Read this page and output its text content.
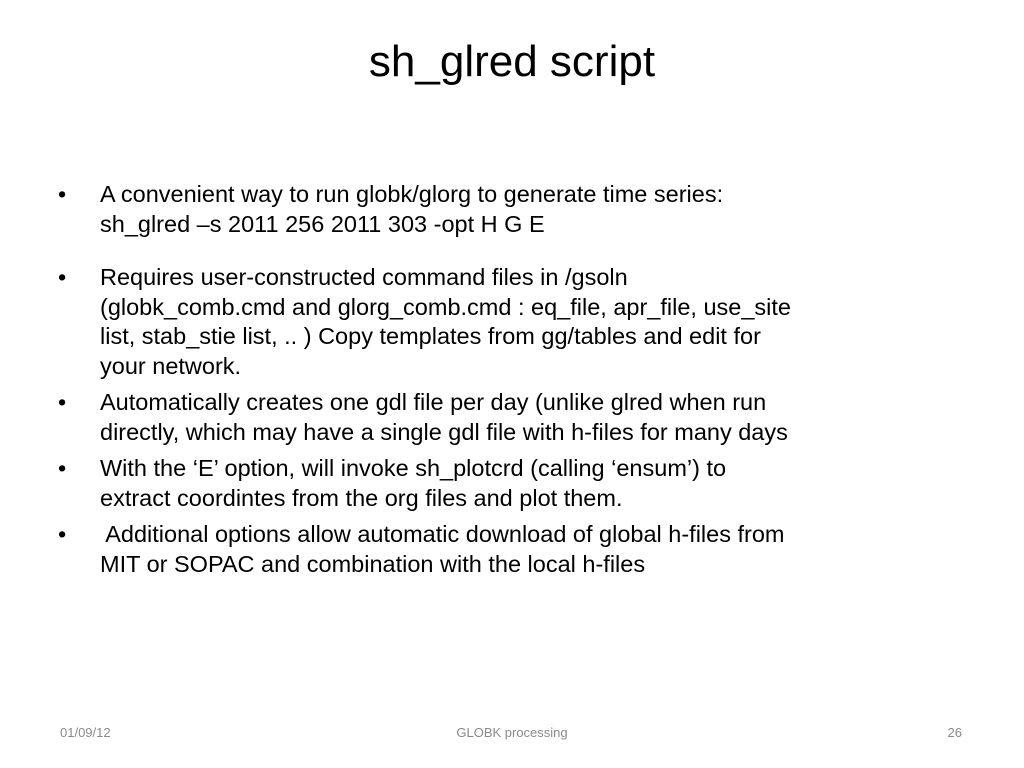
sh_glred script
• A convenient way to run globk/glorg to generate time series:
sh_glred –s 2011 256 2011 303 -opt H G E
• Requires user-constructed command files in /gsoln
(globk_comb.cmd and glorg_comb.cmd : eq_file, apr_file, use_site
list, stab_stie list, .. ) Copy templates from gg/tables and edit for
your network.
• Automatically creates one gdl file per day (unlike glred when run
directly, which may have a single gdl file with h-files for many days
• With the ‘E’ option, will invoke sh_plotcrd (calling ‘ensum’) to
extract coordintes from the org files and plot them.
• Additional options allow automatic download of global h-files from
MIT or SOPAC and combination with the local h-files
01/09/12	GLOBK processing	26
